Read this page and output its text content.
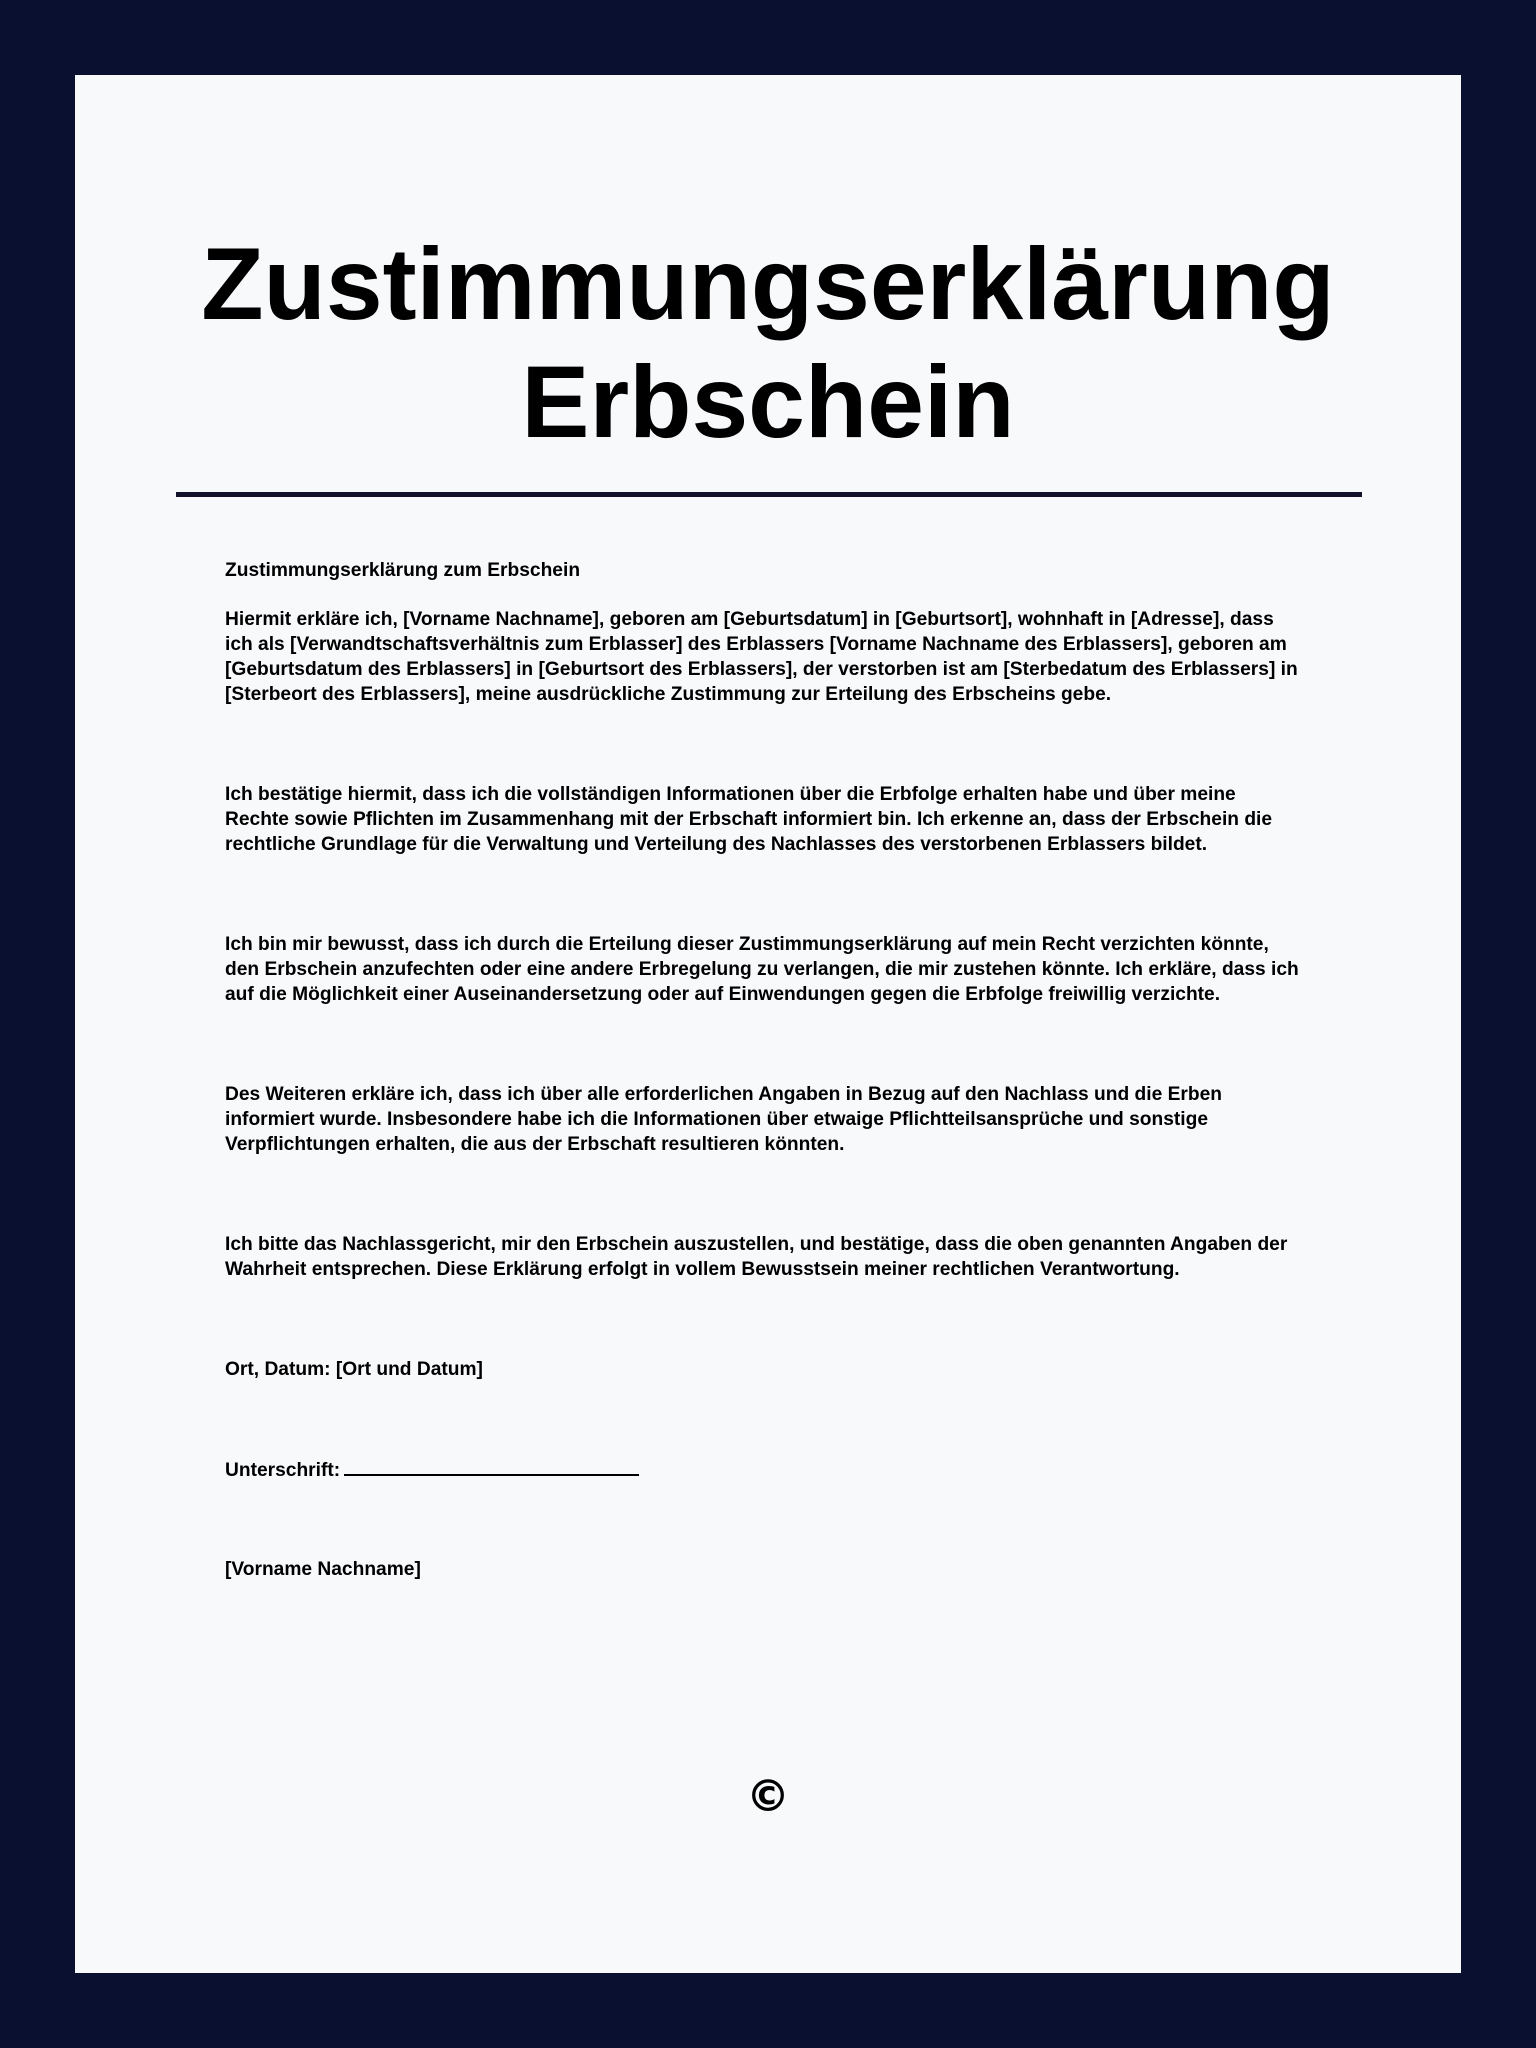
Zustimmungserklärung
Erbschein
Zustimmungserklärung zum Erbschein
Hiermit erkläre ich, [Vorname Nachname], geboren am [Geburtsdatum] in [Geburtsort], wohnhaft in [Adresse], dass
ich als [Verwandtschaftsverhältnis zum Erblasser] des Erblassers [Vorname Nachname des Erblassers], geboren am
[Geburtsdatum des Erblassers] in [Geburtsort des Erblassers], der verstorben ist am [Sterbedatum des Erblassers] in
[Sterbeort des Erblassers], meine ausdrückliche Zustimmung zur Erteilung des Erbscheins gebe.
Ich bestätige hiermit, dass ich die vollständigen Informationen über die Erbfolge erhalten habe und über meine
Rechte sowie Pflichten im Zusammenhang mit der Erbschaft informiert bin. Ich erkenne an, dass der Erbschein die
rechtliche Grundlage für die Verwaltung und Verteilung des Nachlasses des verstorbenen Erblassers bildet.
Ich bin mir bewusst, dass ich durch die Erteilung dieser Zustimmungserklärung auf mein Recht verzichten könnte,
den Erbschein anzufechten oder eine andere Erbregelung zu verlangen, die mir zustehen könnte. Ich erkläre, dass ich
auf die Möglichkeit einer Auseinandersetzung oder auf Einwendungen gegen die Erbfolge freiwillig verzichte.
Des Weiteren erkläre ich, dass ich über alle erforderlichen Angaben in Bezug auf den Nachlass und die Erben
informiert wurde. Insbesondere habe ich die Informationen über etwaige Pflichtteilsansprüche und sonstige
Verpflichtungen erhalten, die aus der Erbschaft resultieren könnten.
Ich bitte das Nachlassgericht, mir den Erbschein auszustellen, und bestätige, dass die oben genannten Angaben der
Wahrheit entsprechen. Diese Erklärung erfolgt in vollem Bewusstsein meiner rechtlichen Verantwortung.
Ort, Datum: [Ort und Datum]
Unterschrift:
[Vorname Nachname]
©
